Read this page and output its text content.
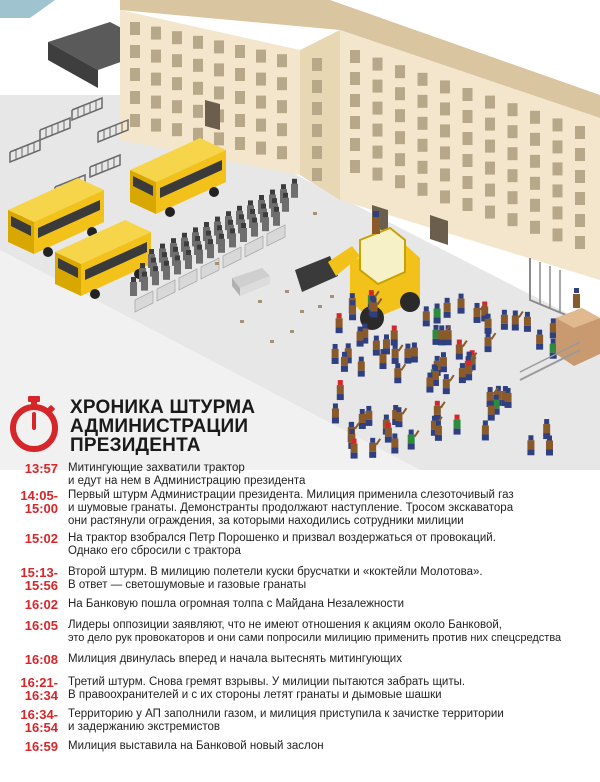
ХРОНИКА ШТУРМА
АДМИНИСТРАЦИИ
ПРЕЗИДЕНТА
13:57 Митингующие захватили трактор
и едут на нем в Администрацию президента
14:05-
15:00
Первый штурм Администрации президента. Милиция применила слезоточивый газ
и шумовые гранаты. Демонстранты продолжают наступление. Тросом экскаватора
они растянули ограждения, за которыми находились сотрудники милиции
15:02 На трактор взобрался Петр Порошенко и призвал воздержаться от провокаций.
Однако его сбросили с трактора
15:13-
15:56
Второй штурм. В милицию полетели куски брусчатки и «коктейли Молотова».
В ответ — светошумовые и газовые гранаты
16:02 На Банковую пошла огромная толпа с Майдана Незалежности
16:05 Лидеры оппозиции заявляют, что не имеют отношения к акциям около Банковой,
это дело рук провокаторов и они сами попросили милицию применить против них спецсредства
16:08 Милиция двинулась вперед и начала вытеснять митингующих
16:21-
16:34
Третий штурм. Снова гремят взрывы. У милиции пытаются забрать щиты.
В правоохранителей и с их стороны летят гранаты и дымовые шашки
16:34-
16:54
Территорию у АП заполнили газом, и милиция приступила к зачистке территории
и задержанию экстремистов
16:59 Милиция выставила на Банковой новый заслон
